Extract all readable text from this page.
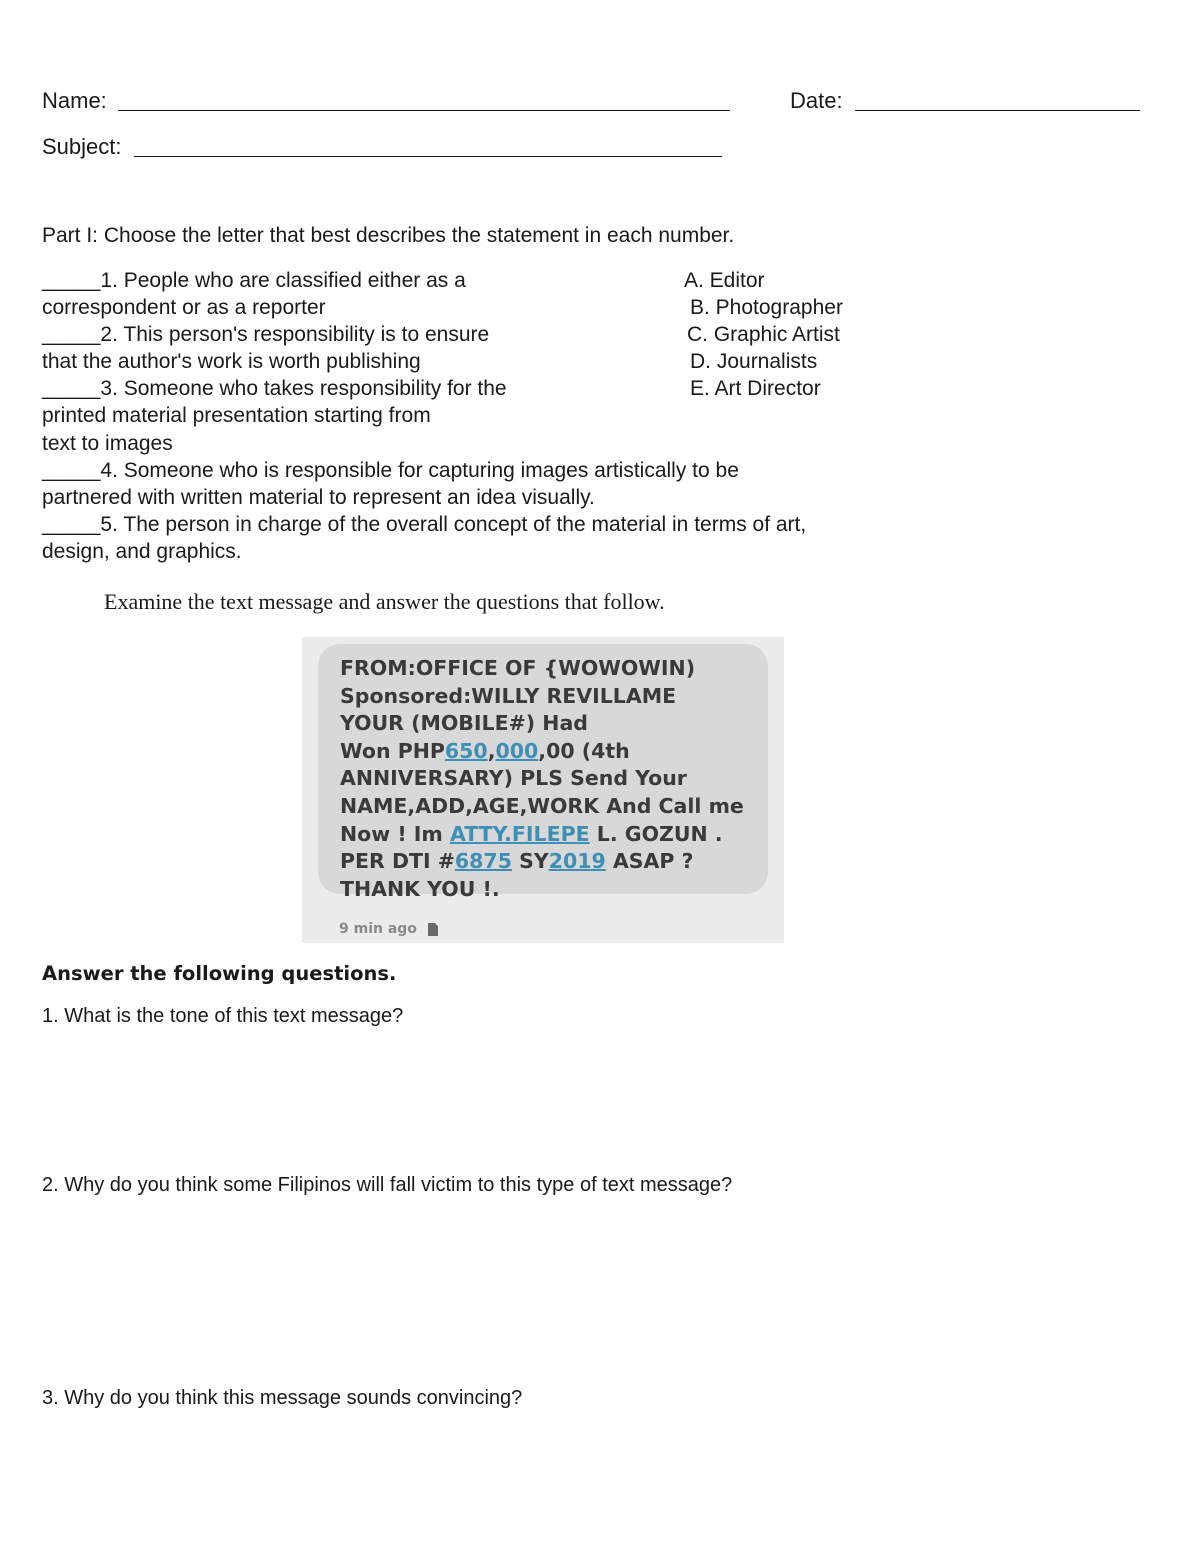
Name:	Date:
Subject:
Part I: Choose the letter that best describes the statement in each number.
_____1. People who are classified either as a
correspondent or as a reporter
_____2. This person's responsibility is to ensure
that the author's work is worth publishing
_____3. Someone who takes responsibility for the
printed material presentation starting from
text to images
_____4. Someone who is responsible for capturing images artistically to be
partnered with written material to represent an idea visually.
_____5. The person in charge of the overall concept of the material in terms of art,
design, and graphics.
A. Editor
B. Photographer
C. Graphic Artist
D. Journalists
E. Art Director
Examine the text message and answer the questions that follow.
FROM:OFFICE OF {WOWOWIN)
Sponsored:WILLY REVILLAME
YOUR (MOBILE#) Had
Won PHP650,000,00 (4th
ANNIVERSARY) PLS Send Your
NAME,ADD,AGE,WORK And Call me
Now ! Im ATTY.FILEPE L. GOZUN .
PER DTI #6875 SY2019 ASAP ?
THANK YOU !.
9 min ago
Answer the following questions.
1. What is the tone of this text message?
2. Why do you think some Filipinos will fall victim to this type of text message?
3. Why do you think this message sounds convincing?
